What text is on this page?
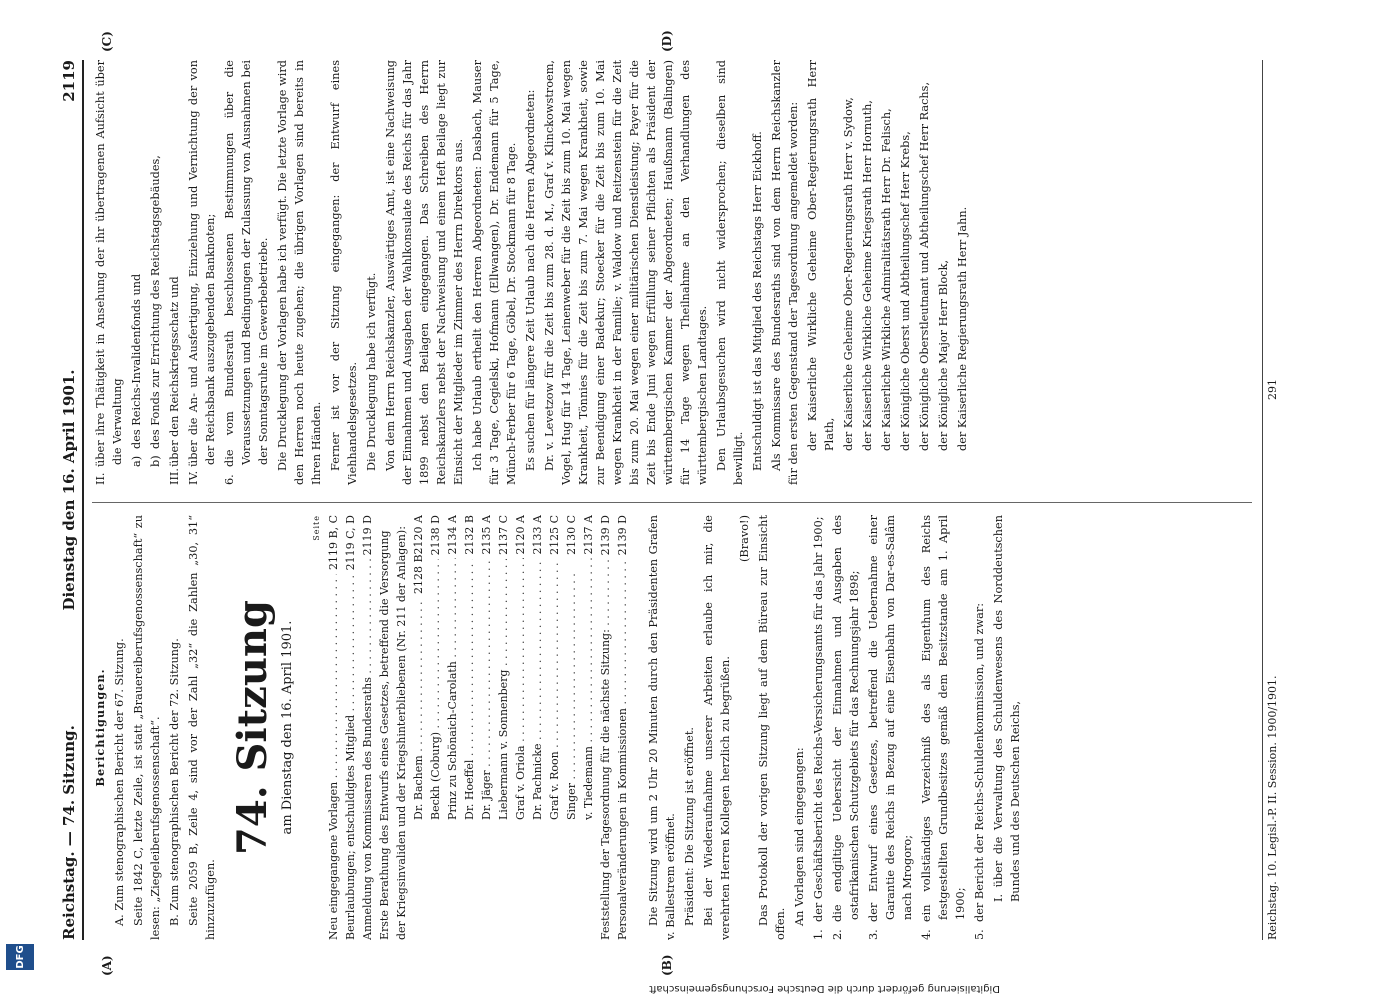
DFG
Digitalisierung gefördert durch die Deutsche Forschungsgemeinschaft
Reichstag. — 74. Sitzung.
Dienstag den 16. April 1901.
2119
(A)	(B)
(C)	(D)

Berichtigungen. A. Zum stenographischen Bericht der 67. Sitzung. Seite 1842 C, letzte Zeile, ist statt „Brauereiberufsgenossenschaft“ zu lesen: „Ziegeleiberufsgenossenschaft“. B. Zum stenographischen Bericht der 72. Sitzung. Seite 2059 B, Zeile 4, sind vor der Zahl „32“ die Zahlen „30, 31“ hinzuzufügen.

74. Sitzung am Dienstag den 16. April 1901.
Seite
Neu eingegangene Vorlagen . . .
2119 B, C
Beurlaubungen; entschuldigtes Mitglied . . .
2119 C, D
Anmeldung von Kommissaren des Bundesraths . . .
2119 D Erste Berathung des Entwurfs eines Gesetzes, betreffend die Versorgung der Kriegsinvaliden und der Kriegshinterbliebenen (Nr. 211 der Anlagen): 2120 A
Dr. Bachem . . .
2128 B
Beckh (Coburg) . . .
2138 D
Prinz zu Schönaich-Carolath . . .
2134 A
Dr. Hoeffel . . .
2132 B
Dr. Jäger . . .
2135 A
Liebermann v. Sonnenberg . . .
2137 C
Graf v. Oriola . . .
2120 A
Dr. Pachnicke . . .
2133 A
Graf v. Roon . . .
2125 C
Singer . . .
2130 C
v. Tiedemann . . .
2137 A
Feststellung der Tagesordnung für die nächste Sitzung: . . .
2139 D
Personalveränderungen in Kommissionen . . .
2139 D Die Sitzung wird um 2 Uhr 20 Minuten durch den Präsidenten Grafen v. Ballestrem eröffnet. Präsident: Die Sitzung ist eröffnet. Bei der Wiederaufnahme unserer Arbeiten erlaube ich mir, die verehrten Herren Kollegen herzlich zu begrüßen.

(Bravo!) Das Protokoll der vorigen Sitzung liegt auf dem Büreau zur Einsicht offen. An Vorlagen sind eingegangen:

1.der Geschäftsbericht des Reichs-Versicherungsamts für das Jahr 1900;

2.die endgiltige Uebersicht der Einnahmen und Ausgaben des ostafrikanischen Schutzgebiets für das Rechnungsjahr 1898;

3.der Entwurf eines Gesetzes, betreffend die Uebernahme einer Garantie des Reichs in Bezug auf eine Eisenbahn von Dar-es-Salâm nach Mrogoro;

4.ein vollständiges Verzeichniß des als Eigenthum des Reichs festgestellten Grundbesitzes gemäß dem Besitzstande am 1. April 1900;

5.der Bericht der Reichs-Schuldenkommission, und zwar: I. über die Verwaltung des Schuldenwesens des Norddeutschen Bundes und des Deutschen Reichs,

II.über ihre Thätigkeit in Ansehung der ihr übertragenen Aufsicht über die Verwaltung a)des Reichs-Invalidenfonds und

b)des Fonds zur Errichtung des Reichstagsgebäudes,

III.über den Reichskriegsschatz und

IV.über die An- und Ausfertigung, Einziehung und Vernichtung der von der Reichsbank auszugebenden Banknoten;

6.die vom Bundesrath beschlossenen Bestimmungen über die Voraussetzungen und Bedingungen der Zulassung von Ausnahmen bei der Sonntagsruhe im Gewerbebetriebe. Die Drucklegung der Vorlagen habe ich verfügt. Die letzte Vorlage wird den Herren noch heute zugehen; die übrigen Vorlagen sind bereits in Ihren Händen. Ferner ist vor der Sitzung eingegangen: der Entwurf eines Viehhandelsgesetzes. Die Drucklegung habe ich verfügt. Von dem Herrn Reichskanzler, Auswärtiges Amt, ist eine Nachweisung der Einnahmen und Ausgaben der Wahlkonsulate des Reichs für das Jahr 1899 nebst den Beilagen eingegangen. Das Schreiben des Herrn Reichskanzlers nebst der Nachweisung und einem Heft Beilage liegt zur Einsicht der Mitglieder im Zimmer des Herrn Direktors aus. Ich habe Urlaub ertheilt den Herren Abgeordneten: Dasbach, Mauser für 3 Tage, Cegielski, Hofmann (Ellwangen), Dr. Endemann für 5 Tage, Münch-Ferber für 6 Tage, Göbel, Dr. Stockmann für 8 Tage. Es suchen für längere Zeit Urlaub nach die Herren Abgeordneten: Dr. v. Levetzow für die Zeit bis zum 28. d. M., Graf v. Klinckowstroem, Vogel, Hug für 14 Tage, Leinenweber für die Zeit bis zum 10. Mai wegen Krankheit, Tönnies für die Zeit bis zum 7. Mai wegen Krankheit, sowie zur Beendigung einer Badekur; Stoecker für die Zeit bis zum 10. Mai wegen Krankheit in der Familie; v. Waldow und Reitzenstein für die Zeit bis zum 20. Mai wegen einer militärischen Dienstleistung; Payer für die Zeit bis Ende Juni wegen Erfüllung seiner Pflichten als Präsident der württembergischen Kammer der Abgeordneten; Haußmann (Balingen) für 14 Tage wegen Theilnahme an den Verhandlungen des württembergischen Landtages. Den Urlaubsgesuchen wird nicht widersprochen; dieselben sind bewilligt. Entschuldigt ist das Mitglied des Reichstags Herr Eickhoff. Als Kommissare des Bundesraths sind von dem Herrn Reichskanzler für den ersten Gegenstand der Tagesordnung angemeldet worden: der Kaiserliche Wirkliche Geheime Ober-Regierungsrath Herr Plath, der Kaiserliche Geheime Ober-Regierungsrath Herr v. Sydow, der Kaiserliche Wirkliche Geheime Kriegsrath Herr Hornuth, der Kaiserliche Wirkliche Admiralitätsrath Herr Dr. Felisch, der Königliche Oberst und Abtheilungschef Herr Krebs, der Königliche Oberstleutnant und Abtheilungschef Herr Rachs, der Königliche Major Herr Block, der Kaiserliche Regierungsrath Herr Jahn.

Reichstag. 10. Legisl.-P. II. Session. 1900/1901.
291
